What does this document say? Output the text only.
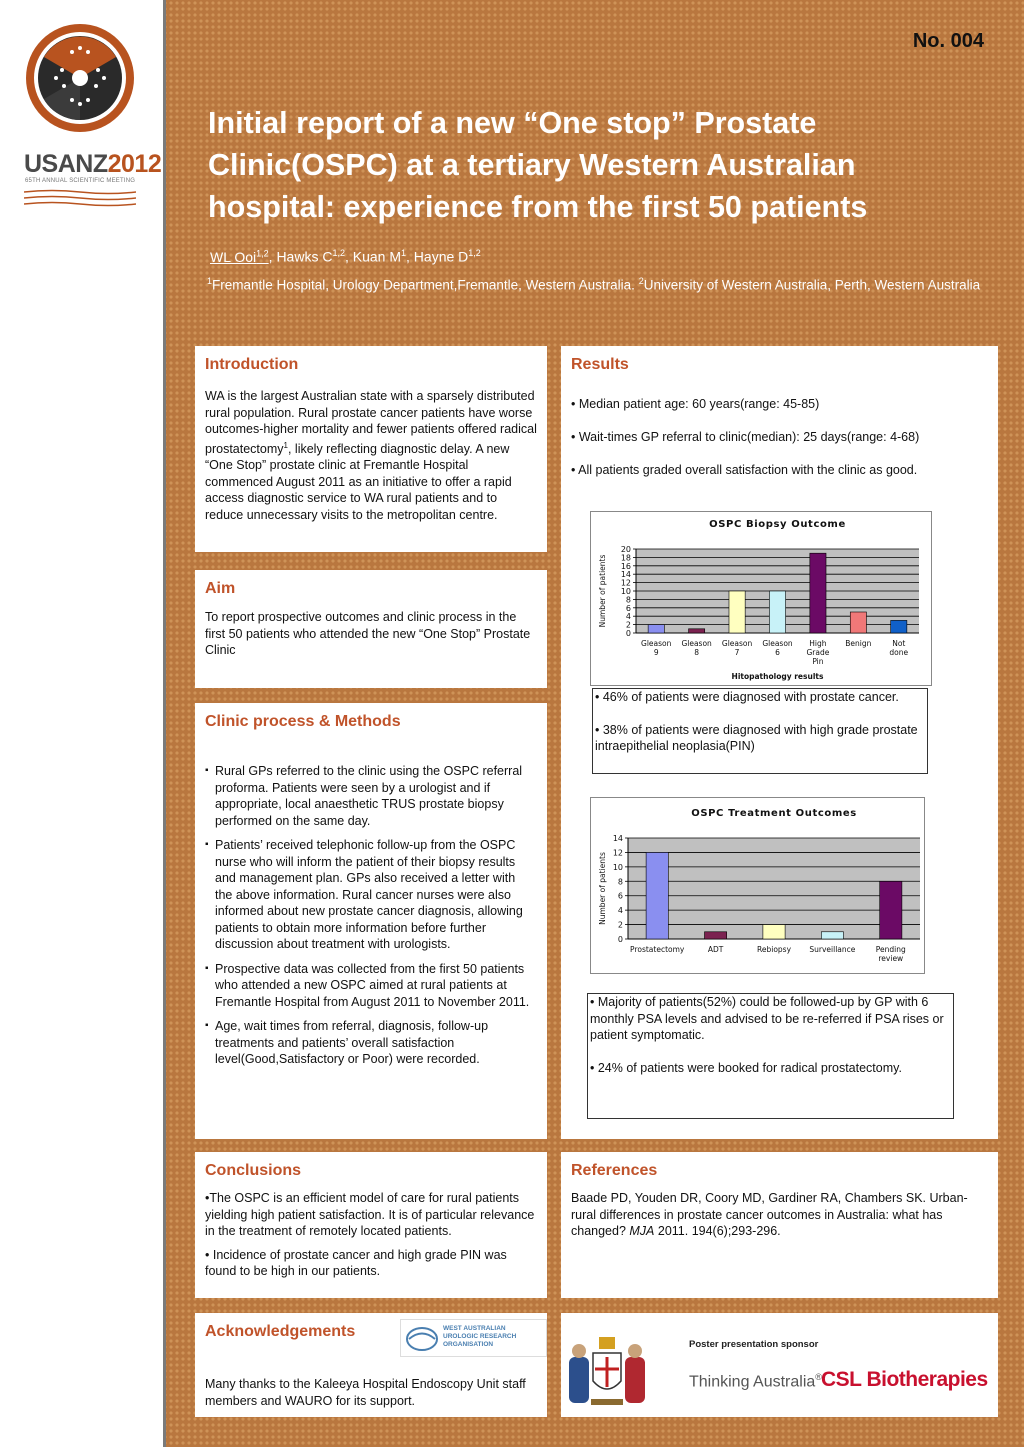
USANZ2012
65TH ANNUAL SCIENTIFIC MEETING
No. 004
Initial report of a new “One stop” Prostate Clinic(OSPC) at a tertiary Western Australian hospital: experience from the first 50 patients
WL Ooi$^{1,2}$, Hawks C$^{1,2}$, Kuan $M^1$, Hayne D$^{1,2}$
$^1$Fremantle Hospital, Urology Department,Fremantle, Western Australia. $^2$University of Western Australia, Perth, Western Australia
Introduction
WA is the largest Australian state with a sparsely distributed rural population. Rural prostate cancer patients have worse outcomes-higher mortality and fewer patients offered radical prostatectomy$^1$, likely reflecting diagnostic delay. A new “One Stop” prostate clinic at Fremantle Hospital commenced August 2011 as an initiative to offer a rapid access diagnostic service to WA rural patients and to reduce unnecessary visits to the metropolitan centre.
Aim
To report prospective outcomes and clinic process in the first 50 patients who attended the new “One Stop” Prostate Clinic
Clinic process & Methods
▪ Rural GPs referred to the clinic using the OSPC referral proforma. Patients were seen by a urologist and if appropriate, local anaesthetic TRUS prostate biopsy performed on the same day.
▪ Patients’ received telephonic follow-up from the OSPC nurse who will inform the patient of their biopsy results and management plan. GPs also received a letter with the above information. Rural cancer nurses were also informed about new prostate cancer diagnosis, allowing patients to obtain more information before further discussion about treatment with urologists.
▪ Prospective data was collected from the first 50 patients who attended a new OSPC aimed at rural patients at Fremantle Hospital from August 2011 to November 2011.
▪ Age, wait times from referral, diagnosis, follow-up treatments and patients’ overall satisfaction level(Good,Satisfactory or Poor) were recorded.
Results
• Median patient age: 60 years(range: 45-85)
• Wait-times GP referral to clinic(median): 25 days(range: 4-68)
• All patients graded overall satisfaction with the clinic as good.
OSPC Biopsy Outcome
0
2
4
6
8
10
12
14
16
18
20
Gleason
9
Gleason
8
Gleason
7
Gleason
6
High
Grade
Pin
Benign	Not
done
Number of patients
Hitopathology results

• 46% of patients were diagnosed with prostate cancer.

• 38% of patients were diagnosed with high grade prostate intraepithelial neoplasia(PIN)

OSPC Treatment Outcomes
0
2
4
6
8
10
12
14
Prostatectomy	ADT	Rebiopsy Surveillance	Pending
review
Number of patients

• Majority of patients(52%) could be followed-up by GP with 6 monthly PSA levels and advised to be re-referred if PSA rises or patient symptomatic.

• 24% of patients were booked for radical prostatectomy.

Conclusions
•The OSPC is an efficient model of care for rural patients yielding high patient satisfaction. It is of particular relevance in the treatment of remotely located patients.
• Incidence of prostate cancer and high grade PIN was found to be high in our patients.
References
Baade PD, Youden DR, Coory MD, Gardiner RA, Chambers SK. Urban-rural differences in prostate cancer outcomes in Australia: what has changed? MJA 2011. 194(6);293-296.
Acknowledgements	WEST AUSTRALIAN
UROLOGIC RESEARCH
ORGANISATION
Many thanks to the Kaleeya Hospital Endoscopy Unit staff members and WAURO for its support.
Poster presentation sponsor
Thinking Australia® CSL Biotherapies
